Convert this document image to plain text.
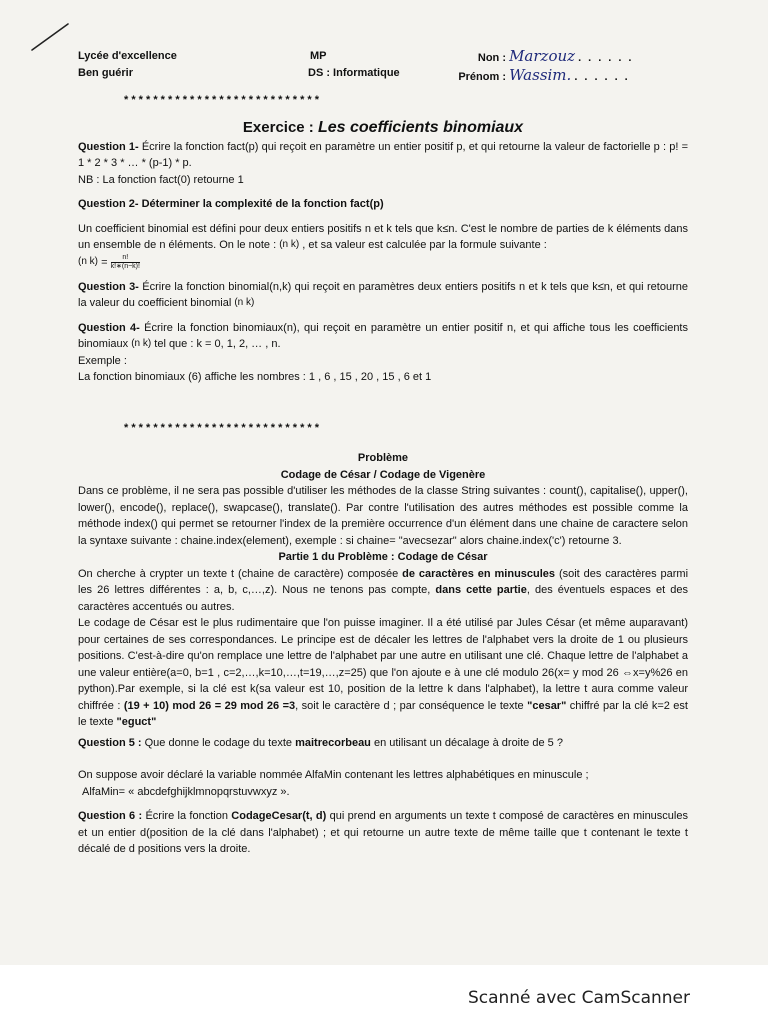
Lycée d'excellence
Ben guérir
MP
DS : Informatique
Non : Marzouz ......
Prénom : Wassim. ......
* * * * * * * * * * * * * * * * * * * * * * * * * * *
Exercice : Les coefficients binomiaux

Question 1- Écrire la fonction fact(p) qui reçoit en paramètre un entier positif p, et qui retourne la valeur de factorielle p : p! = 1 * 2 * 3 * … * (p-1) * p.

NB : La fonction fact(0) retourne 1

Question 2- Déterminer la complexité de la fonction fact(p)

Un coefficient binomial est défini pour deux entiers positifs n et k tels que k≤n. C'est le nombre de parties de k éléments dans un ensemble de n éléments. On le note : (n k) , et sa valeur est calculée par la formule suivante :

(n $k) = \frac{n!}{k!∗(n-k)!}$

Question 3- Écrire la fonction binomial(n,k) qui reçoit en paramètres deux entiers positifs n et k tels que k≤n, et qui retourne la valeur du coefficient binomial (n k)

Question 4- Écrire la fonction binomiaux(n), qui reçoit en paramètre un entier positif n, et qui affiche tous les coefficients binomiaux (n k) tel que : k = 0, 1, 2, … , n.

Exemple :

La fonction binomiaux (6) affiche les nombres : 1 , 6 , 15 , 20 , 15 , 6 et 1

* * * * * * * * * * * * * * * * * * * * * * * * * * *

Problème

Codage de César / Codage de Vigenère

Dans ce problème, il ne sera pas possible d'utiliser les méthodes de la classe String suivantes : count(), capitalise(), upper(), lower(), encode(), replace(), swapcase(), translate(). Par contre l'utilisation des autres méthodes est possible comme la méthode index() qui permet se retourner l'index de la première occurrence d'un élément dans une chaine de caractere selon la syntaxe suivante : chaine.index(element), exemple : si chaine= "avecsezar" alors chaine.index('c') retourne 3.

Partie 1 du Problème : Codage de César

On cherche à crypter un texte t (chaine de caractère) composée de caractères en minuscules (soit des caractères parmi les 26 lettres différentes : a, b, c,…,z). Nous ne tenons pas compte, dans cette partie, des éventuels espaces et des caractères accentués ou autres.

Le codage de César est le plus rudimentaire que l'on puisse imaginer. Il a été utilisé par Jules César (et même auparavant) pour certaines de ses correspondances. Le principe est de décaler les lettres de l'alphabet vers la droite de 1 ou plusieurs positions. C'est-à-dire qu'on remplace une lettre de l'alphabet par une autre en utilisant une clé. Chaque lettre de l'alphabet a une valeur entière(a=0, b=1 , c=2,…,k=10,…,t=19,…,z=25) que l'on ajoute e à une clé modulo 26(x= y mod 26 ⇔x=y%26 en python).Par exemple, si la clé est k(sa valeur est 10, position de la lettre k dans l'alphabet), la lettre t aura comme valeur chiffrée : (19 + 10) mod 26 = 29 mod 26 =3, soit le caractère d ; par conséquence le texte "cesar" chiffré par la clé k=2 est le texte "eguct"

Question 5 : Que donne le codage du texte maitrecorbeau en utilisant un décalage à droite de 5 ?

On suppose avoir déclaré la variable nommée AlfaMin contenant les lettres alphabétiques en minuscule ;

AlfaMin= « abcdefghijklmnopqrstuvwxyz ».

Question 6 : Écrire la fonction CodageCesar(t, d) qui prend en arguments un texte t composé de caractères en minuscules et un entier d(position de la clé dans l'alphabet) ; et qui retourne un autre texte de même taille que t contenant le texte t décalé de d positions vers la droite.

Scanné avec CamScanner
